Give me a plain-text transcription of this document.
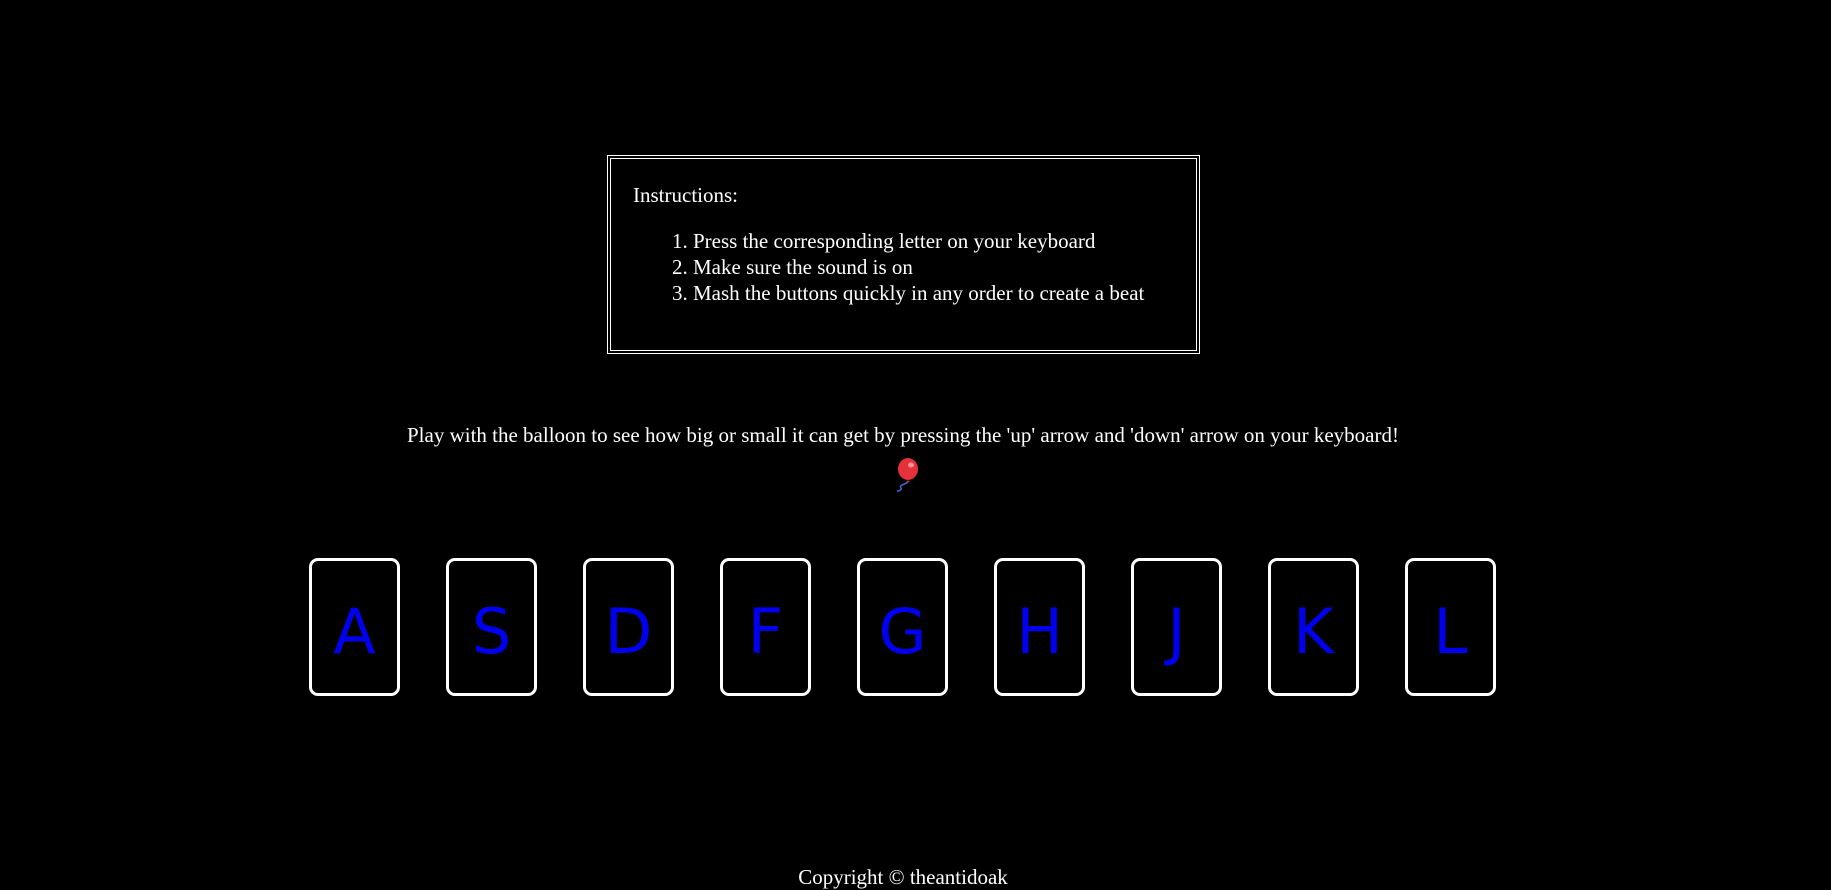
Instructions:
1. Press the corresponding letter on your keyboard
2. Make sure the sound is on
3. Mash the buttons quickly in any order to create a beat
Play with the balloon to see how big or small it can get by pressing the 'up' arrow and 'down' arrow on your keyboard!
A	S	D	F	G	H	J	K	L
Copyright © theantidoak
